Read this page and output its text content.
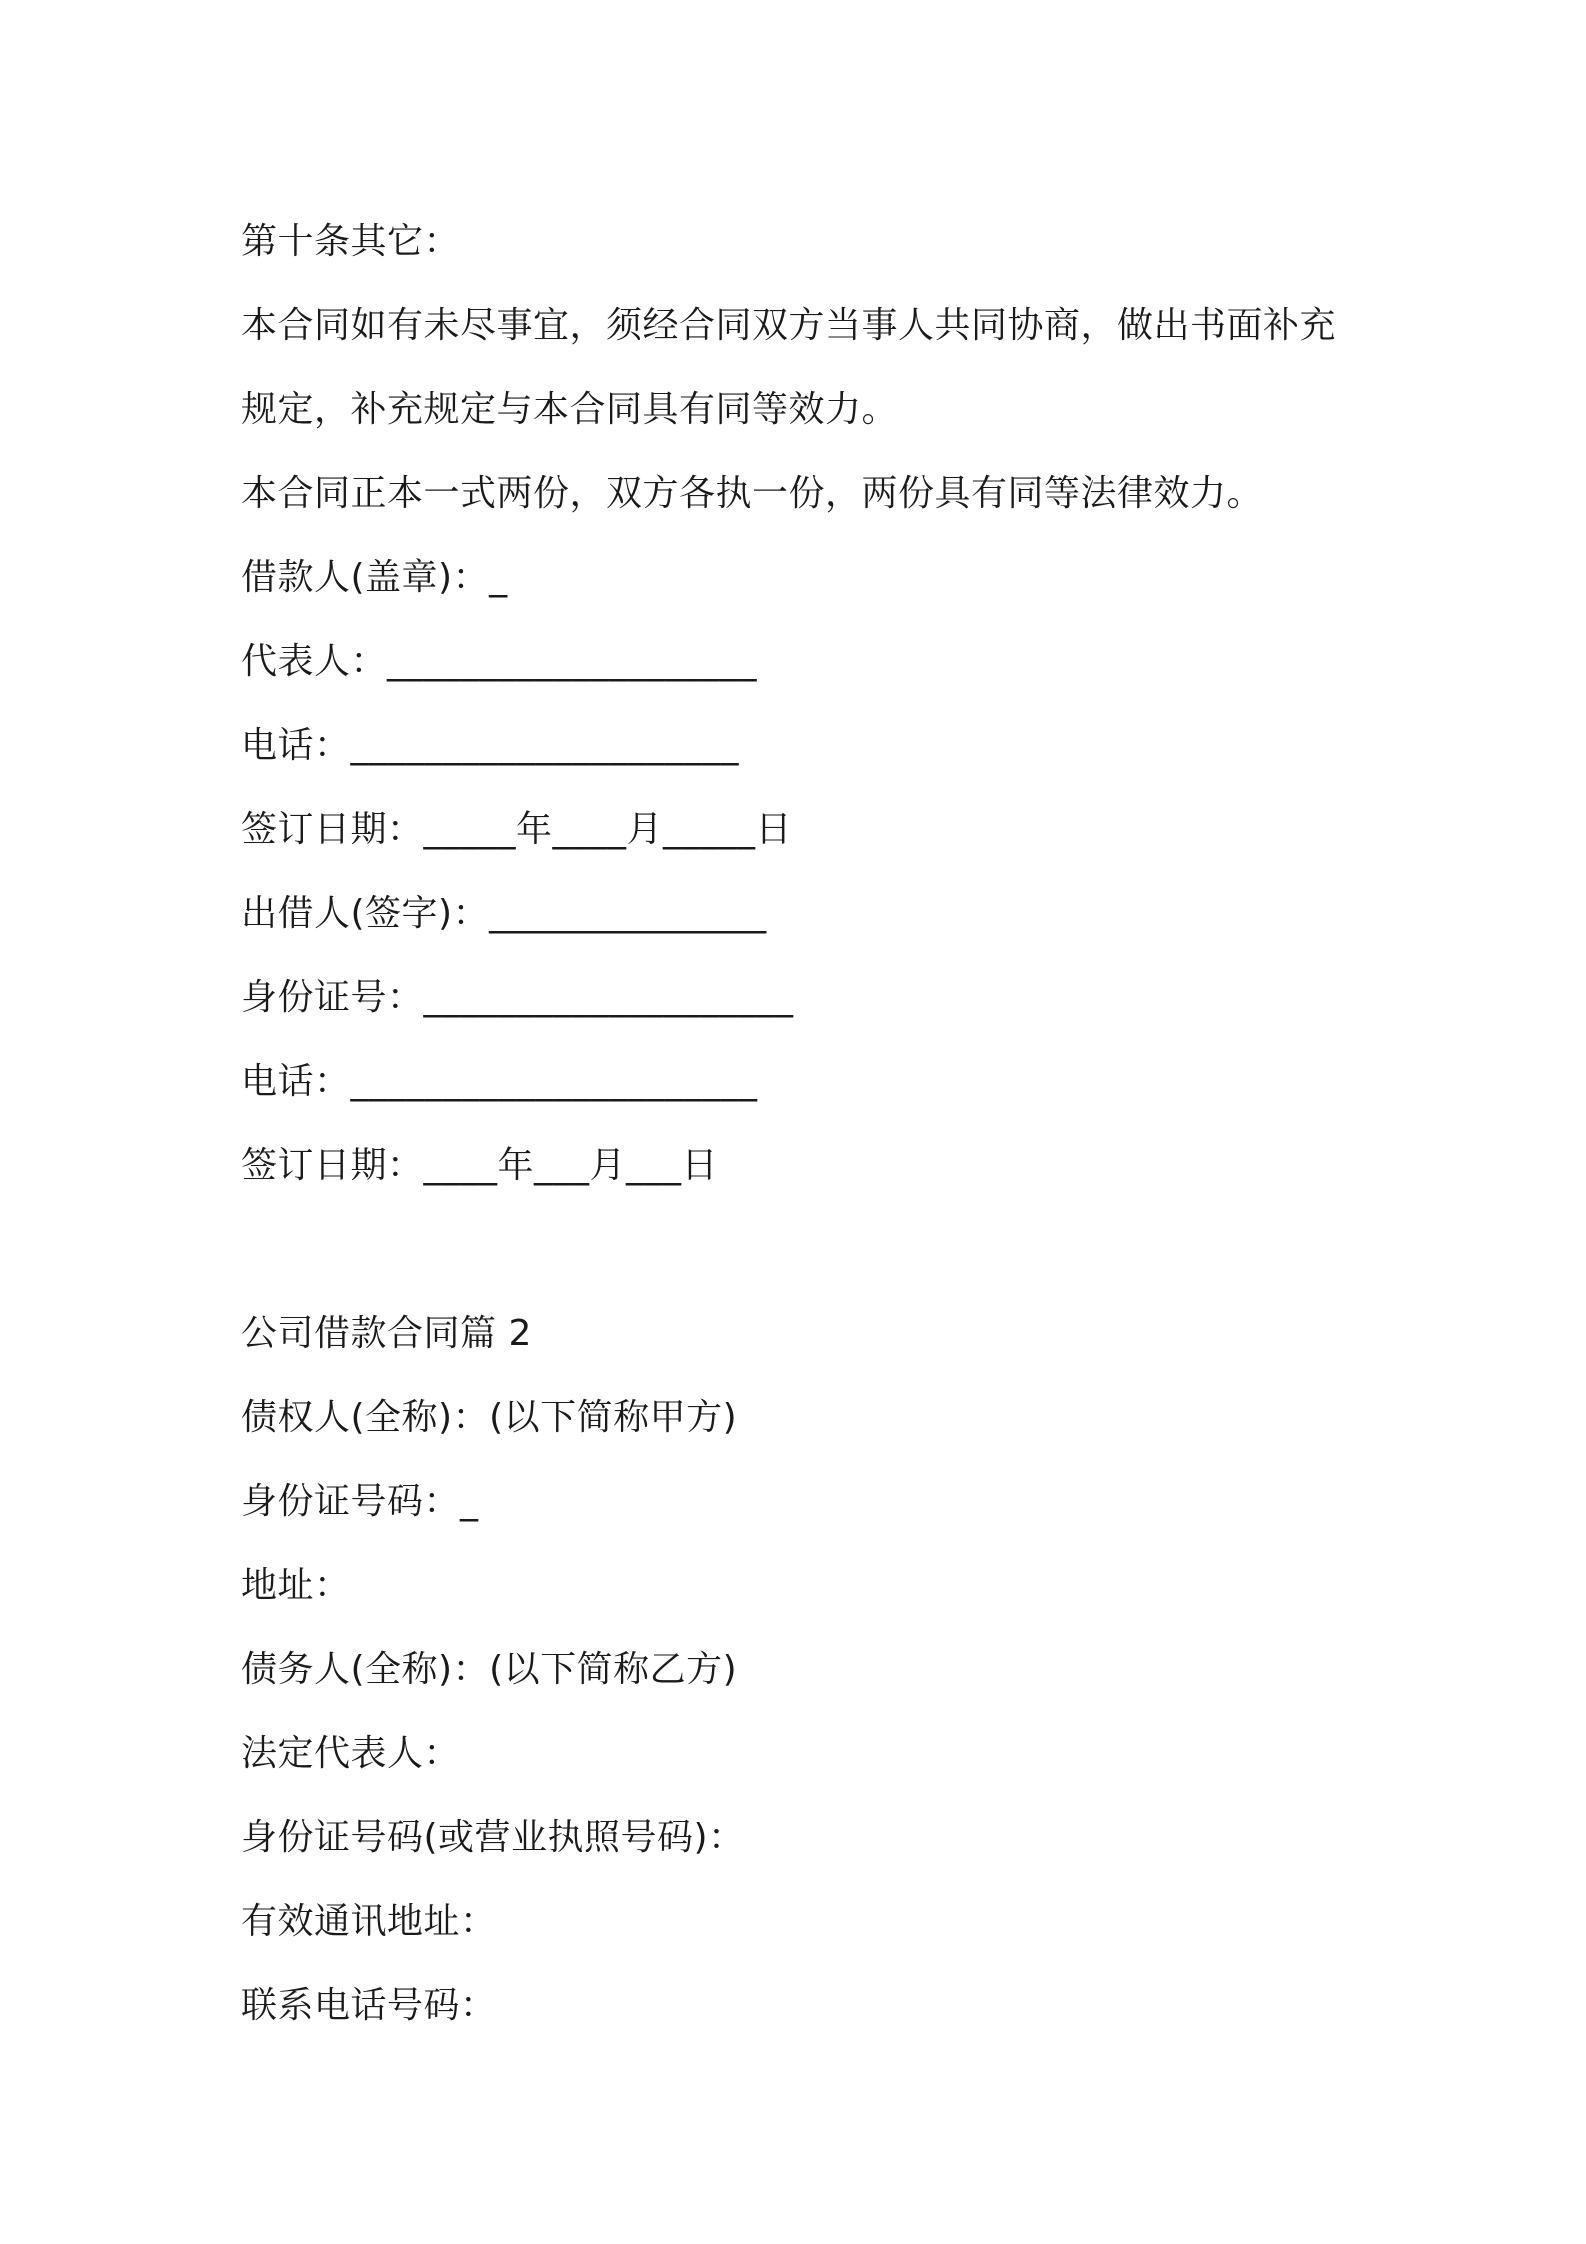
第十条其它：
本合同如有未尽事宜，须经合同双方当事人共同协商，做出书面补充
规定，补充规定与本合同具有同等效力。
本合同正本一式两份，双方各执一份，两份具有同等法律效力。
借款人(盖章)：_
代表人：____________________
电话：_____________________
签订日期：_____年____月_____日
出借人(签字)：_______________
身份证号：____________________
电话：______________________
签订日期：____年___月___日
公司借款合同篇 2
债权人(全称)：(以下简称甲方)
身份证号码：_
地址：
债务人(全称)：(以下简称乙方)
法定代表人：
身份证号码(或营业执照号码)：
有效通讯地址：
联系电话号码：
